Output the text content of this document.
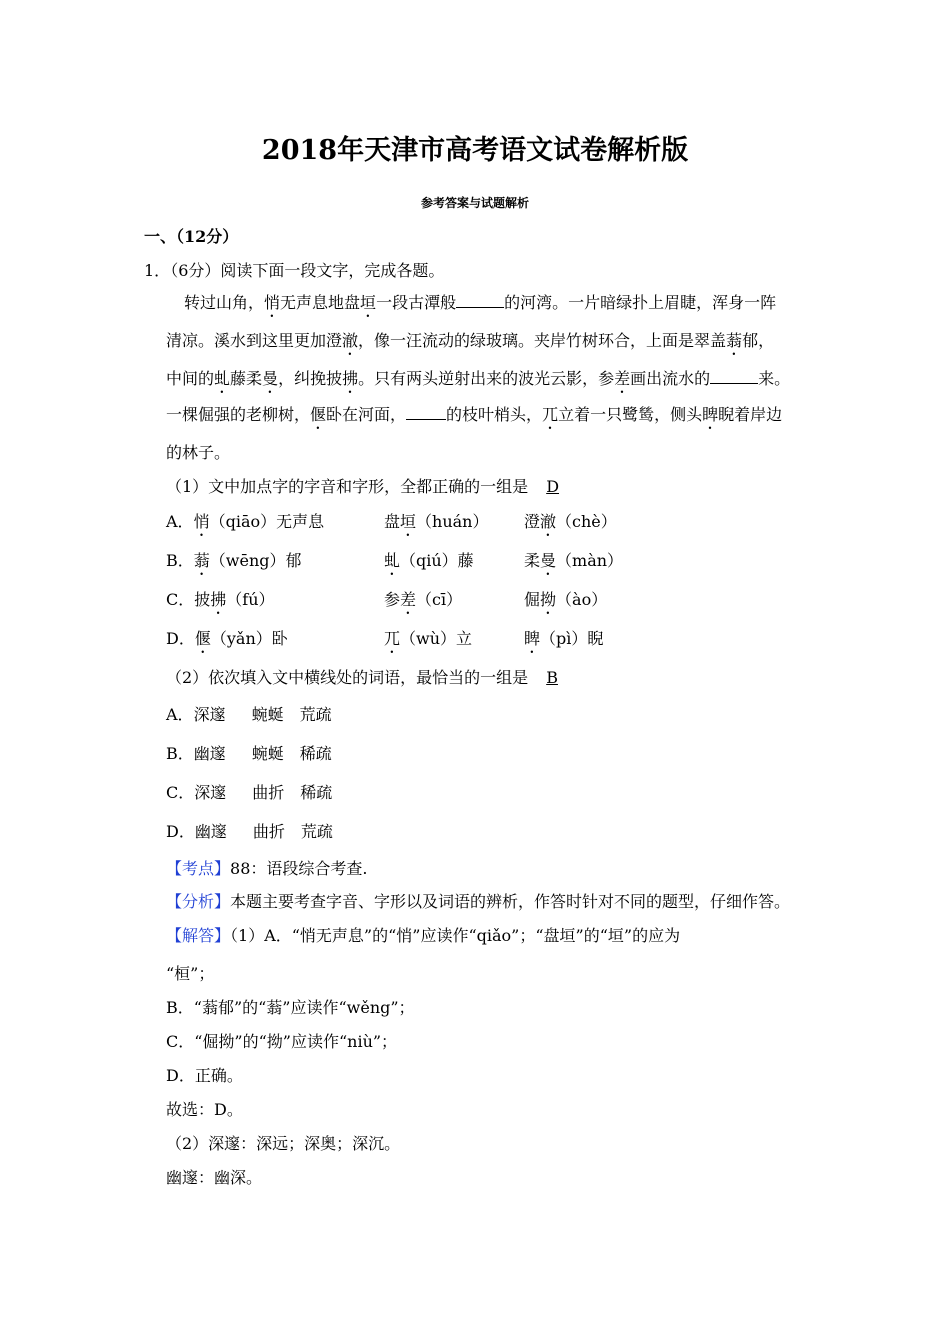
2018年天津市高考语文试卷解析版
参考答案与试题解析
一、（12分）
1．（6分）阅读下面一段文字，完成各题。
转过山角，悄无声息地盘垣一段古潭般	的河湾。一片暗绿扑上眉睫，浑身一阵
清凉。溪水到这里更加澄澈，像一汪流动的绿玻璃。夹岸竹树环合，上面是翠盖蓊郁，
中间的虬藤柔曼，纠挽披拂。只有两头逆射出来的波光云影，参差画出流水的	来。
一棵倔强的老柳树，偃卧在河面，	的枝叶梢头，兀立着一只鹭鸶，侧头睥睨着岸边
的林子。
（1）文中加点字的字音和字形，全都正确的一组是 D
A．悄（qiāo）无声息	盘垣（huán） 澄澈（chè）
B．蓊（wēng）郁	虬（qiú）藤	柔曼（màn）
C．披拂（fú）	参差（cī）	倔拗（ào）
D．偃（yǎn）卧	兀（wù）立	睥（pì）睨
（2）依次填入文中横线处的词语，最恰当的一组是 B
A．深邃 蜿蜒 荒疏
B．幽邃 蜿蜒 稀疏
C．深邃 曲折 稀疏
D．幽邃 曲折 荒疏
【考点】88：语段综合考查.
【分析】本题主要考查字音、字形以及词语的辨析，作答时针对不同的题型，仔细作答。
【解答】（1）A．“悄无声息”的“悄”应读作“qiǎo”；“盘垣”的“垣”的应为
“桓”；
B．“蓊郁”的“蓊”应读作“wěng”；
C．“倔拗”的“拗”应读作“niù”；
D．正确。
故选：D。
（2）深邃：深远；深奥；深沉。
幽邃：幽深。
